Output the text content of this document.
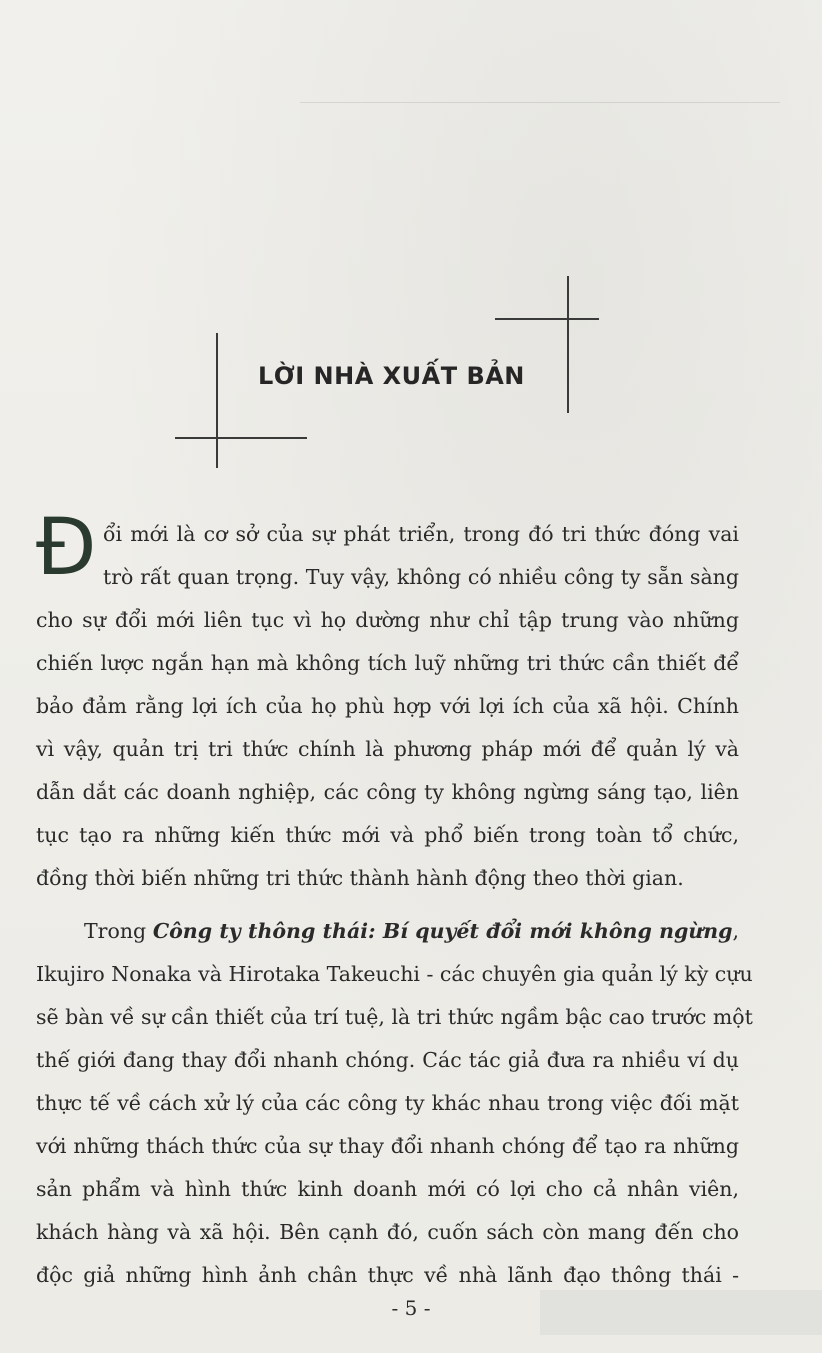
LỜI NHÀ XUẤT BẢN
Đ ổi mới là cơ sở của sự phát triển, trong đó tri thức đóng vai
trò rất quan trọng. Tuy vậy, không có nhiều công ty sẵn sàng
cho sự đổi mới liên tục vì họ dường như chỉ tập trung vào những
chiến lược ngắn hạn mà không tích luỹ những tri thức cần thiết để
bảo đảm rằng lợi ích của họ phù hợp với lợi ích của xã hội. Chính
vì vậy, quản trị tri thức chính là phương pháp mới để quản lý và
dẫn dắt các doanh nghiệp, các công ty không ngừng sáng tạo, liên
tục tạo ra những kiến thức mới và phổ biến trong toàn tổ chức,
đồng thời biến những tri thức thành hành động theo thời gian.
Trong Công ty thông thái: Bí quyết đổi mới không ngừng,
Ikujiro Nonaka và Hirotaka Takeuchi - các chuyên gia quản lý kỳ cựu
sẽ bàn về sự cần thiết của trí tuệ, là tri thức ngầm bậc cao trước một
thế giới đang thay đổi nhanh chóng. Các tác giả đưa ra nhiều ví dụ
thực tế về cách xử lý của các công ty khác nhau trong việc đối mặt
với những thách thức của sự thay đổi nhanh chóng để tạo ra những
sản phẩm và hình thức kinh doanh mới có lợi cho cả nhân viên,
khách hàng và xã hội. Bên cạnh đó, cuốn sách còn mang đến cho
độc giả những hình ảnh chân thực về nhà lãnh đạo thông thái -
- 5 -
